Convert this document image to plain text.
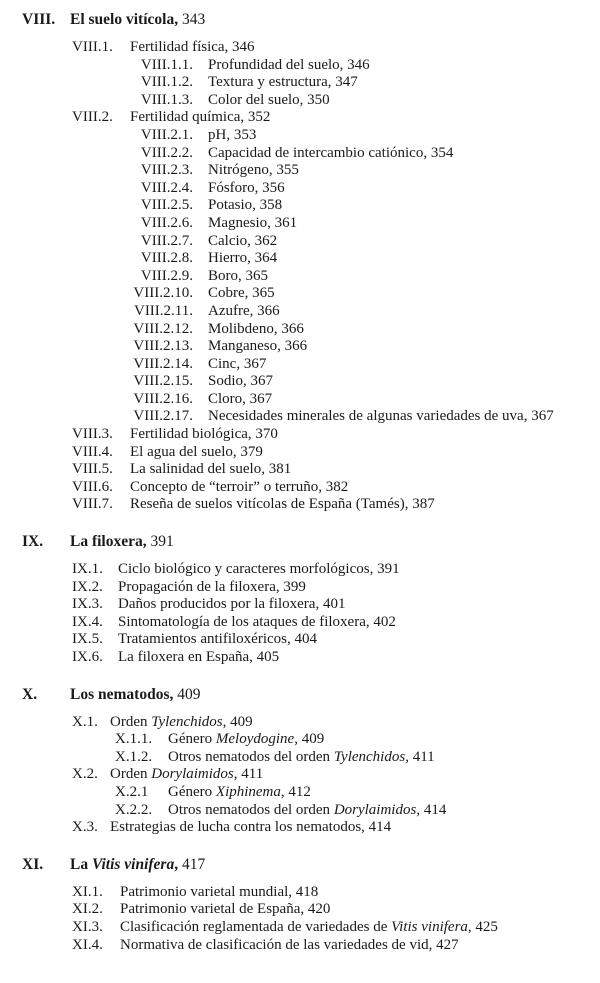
VIII. El suelo vitícola, 343
VIII.1. Fertilidad física, 346
VIII.1.1. Profundidad del suelo, 346
VIII.1.2. Textura y estructura, 347
VIII.1.3. Color del suelo, 350
VIII.2. Fertilidad química, 352
VIII.2.1. pH, 353
VIII.2.2. Capacidad de intercambio catiónico, 354
VIII.2.3. Nitrógeno, 355
VIII.2.4. Fósforo, 356
VIII.2.5. Potasio, 358
VIII.2.6. Magnesio, 361
VIII.2.7. Calcio, 362
VIII.2.8. Hierro, 364
VIII.2.9. Boro, 365
VIII.2.10. Cobre, 365
VIII.2.11. Azufre, 366
VIII.2.12. Molibdeno, 366
VIII.2.13. Manganeso, 366
VIII.2.14. Cinc, 367
VIII.2.15. Sodio, 367
VIII.2.16. Cloro, 367
VIII.2.17. Necesidades minerales de algunas variedades de uva, 367
VIII.3. Fertilidad biológica, 370
VIII.4. El agua del suelo, 379
VIII.5. La salinidad del suelo, 381
VIII.6. Concepto de “terroir” o terruño, 382
VIII.7. Reseña de suelos vitícolas de España (Tamés), 387
IX. La filoxera, 391
IX.1. Ciclo biológico y caracteres morfológicos, 391
IX.2. Propagación de la filoxera, 399
IX.3. Daños producidos por la filoxera, 401
IX.4. Sintomatología de los ataques de filoxera, 402
IX.5. Tratamientos antifiloxéricos, 404
IX.6. La filoxera en España, 405
X. Los nematodos, 409
X.1. Orden Tylenchidos, 409
X.1.1. Género Meloydogine, 409
X.1.2. Otros nematodos del orden Tylenchidos, 411
X.2. Orden Dorylaimidos, 411
X.2.1 Género Xiphinema, 412
X.2.2. Otros nematodos del orden Dorylaimidos, 414
X.3. Estrategias de lucha contra los nematodos, 414
XI. La Vitis vinifera, 417
XI.1. Patrimonio varietal mundial, 418
XI.2. Patrimonio varietal de España, 420
XI.3. Clasificación reglamentada de variedades de Vitis vinifera, 425
XI.4. Normativa de clasificación de las variedades de vid, 427
